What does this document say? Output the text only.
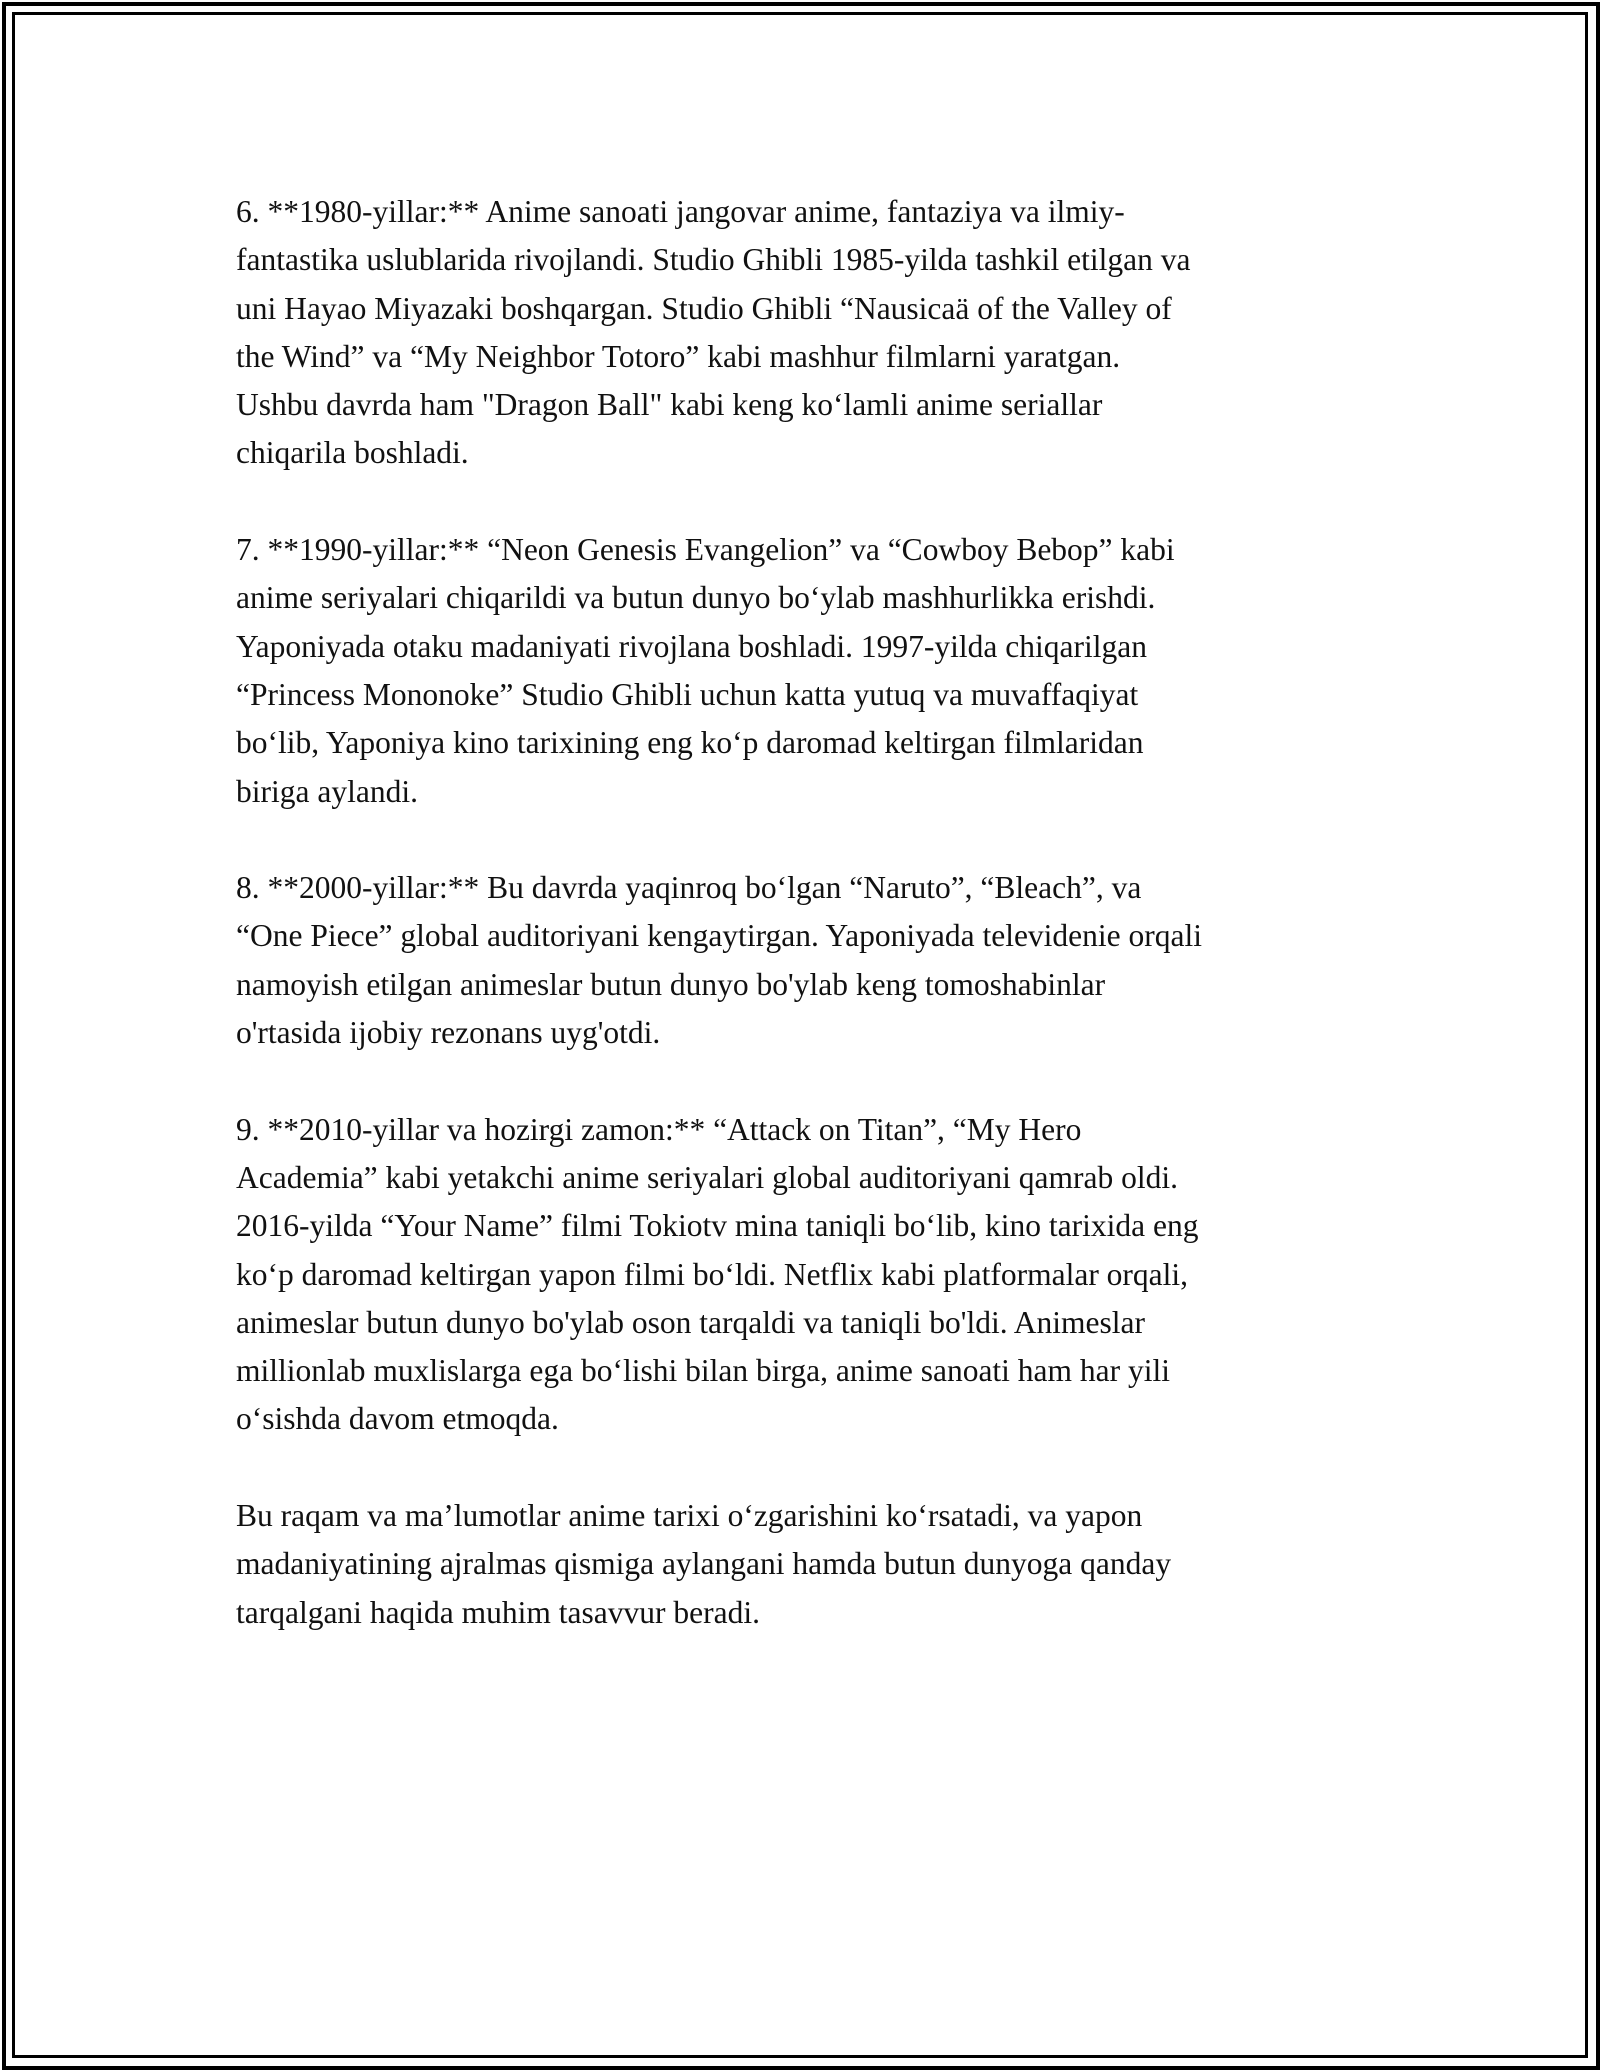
6. **1980-yillar:** Anime sanoati jangovar anime, fantaziya va ilmiy-
fantastika uslublarida rivojlandi. Studio Ghibli 1985-yilda tashkil etilgan va
uni Hayao Miyazaki boshqargan. Studio Ghibli “Nausicaä of the Valley of
the Wind” va “My Neighbor Totoro” kabi mashhur filmlarni yaratgan.
Ushbu davrda ham "Dragon Ball" kabi keng koʻlamli anime seriallar
chiqarila boshladi.

7. **1990-yillar:** “Neon Genesis Evangelion” va “Cowboy Bebop” kabi
anime seriyalari chiqarildi va butun dunyo boʻylab mashhurlikka erishdi.
Yaponiyada otaku madaniyati rivojlana boshladi. 1997-yilda chiqarilgan
“Princess Mononoke” Studio Ghibli uchun katta yutuq va muvaffaqiyat
boʻlib, Yaponiya kino tarixining eng koʻp daromad keltirgan filmlaridan
biriga aylandi.

8. **2000-yillar:** Bu davrda yaqinroq boʻlgan “Naruto”, “Bleach”, va
“One Piece” global auditoriyani kengaytirgan. Yaponiyada televidenie orqali
namoyish etilgan animeslar butun dunyo bo'ylab keng tomoshabinlar
o'rtasida ijobiy rezonans uyg'otdi.

9. **2010-yillar va hozirgi zamon:** “Attack on Titan”, “My Hero
Academia” kabi yetakchi anime seriyalari global auditoriyani qamrab oldi.
2016-yilda “Your Name” filmi Tokiotv mina taniqli boʻlib, kino tarixida eng
koʻp daromad keltirgan yapon filmi boʻldi. Netflix kabi platformalar orqali,
animeslar butun dunyo bo'ylab oson tarqaldi va taniqli bo'ldi. Animeslar
millionlab muxlislarga ega boʻlishi bilan birga, anime sanoati ham har yili
oʻsishda davom etmoqda.

Bu raqam va maʼlumotlar anime tarixi oʻzgarishini koʻrsatadi, va yapon
madaniyatining ajralmas qismiga aylangani hamda butun dunyoga qanday
tarqalgani haqida muhim tasavvur beradi.
